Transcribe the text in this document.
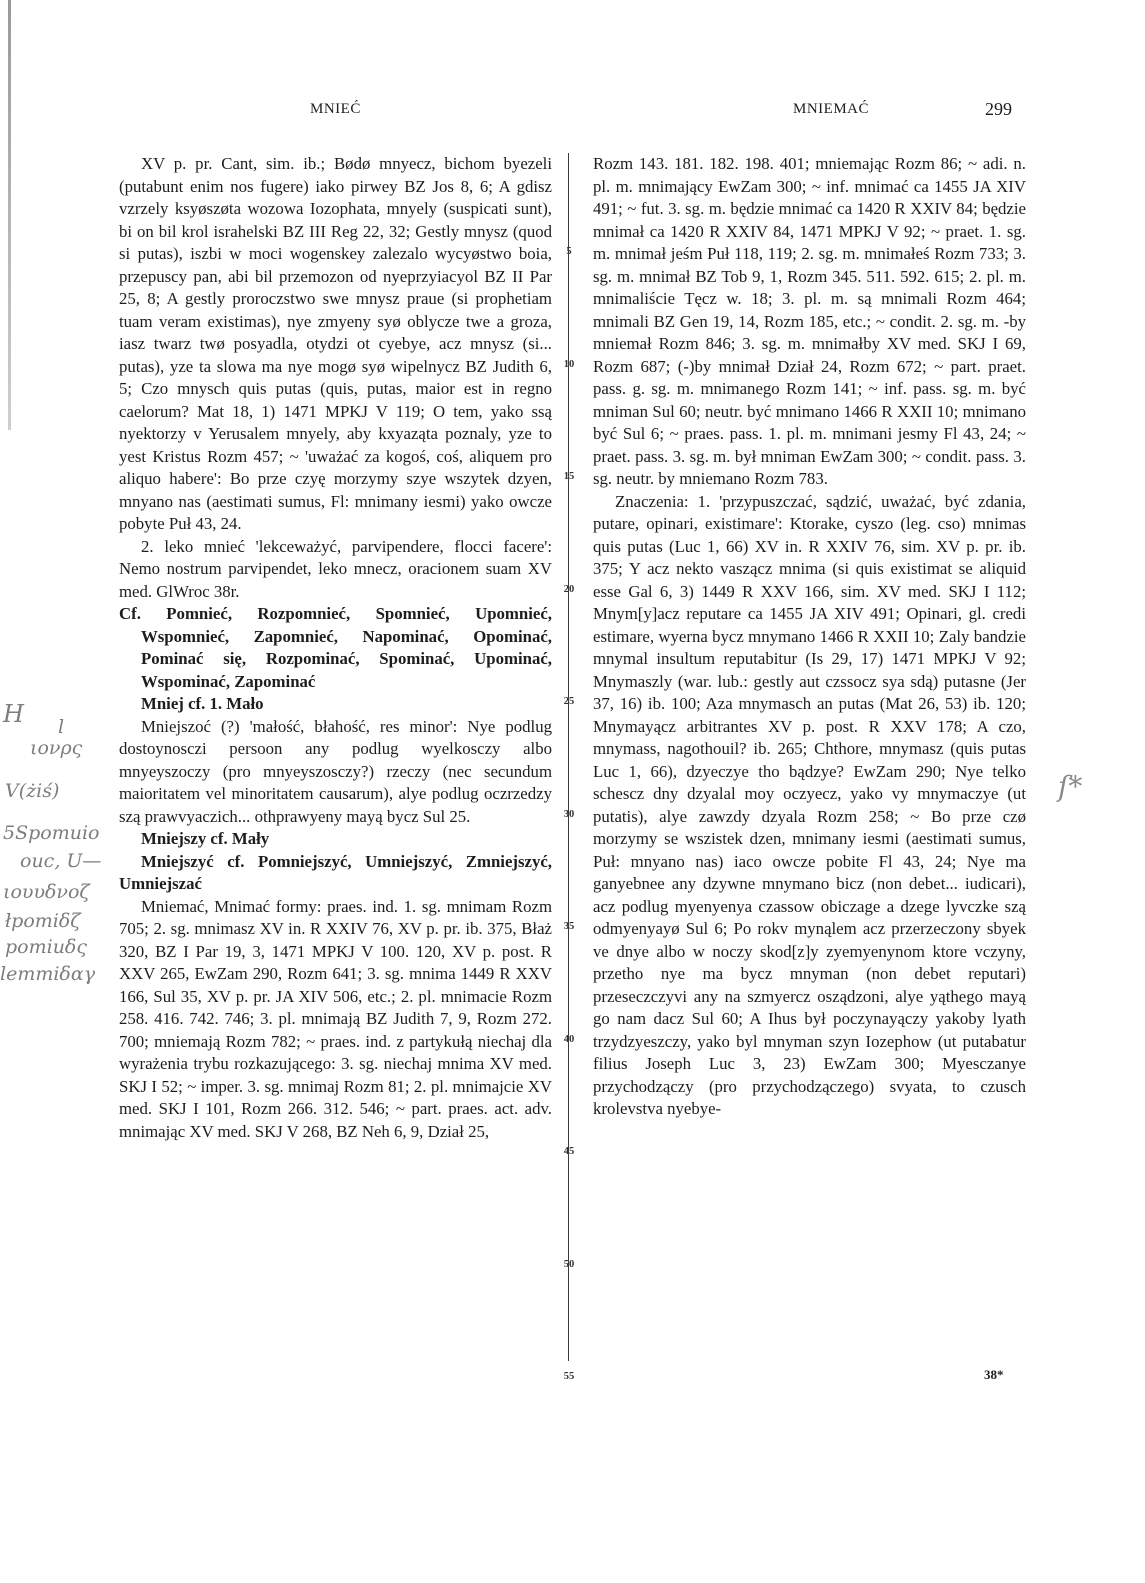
MNIEĆ	MNIEMAĆ	299

XV p. pr. Cant, sim. ib.; Bødø mnyecz, bichom byezeli (putabunt enim nos fugere) iako pirwey BZ Jos 8, 6; A gdisz vzrzely ksyøszøta wozowa Iozophata, mnyely (suspicati sunt), bi on bil krol israhelski BZ III Reg 22, 32; Gestly mnysz (quod si putas), iszbi w moci wogenskey zalezalo wycyøstwo boia, przepuscy pan, abi bil przemozon od nyeprzyiacyol BZ II Par 25, 8; A gestly proroczstwo swe mnysz praue (si prophetiam tuam veram existimas), nye zmyeny syø oblycze twe a groza, iasz twarz twø posyadla, otydzi ot cyebye, acz mnysz (si... putas), yze ta slowa ma nye mogø syø wipelnycz BZ Judith 6, 5; Czo mnysch quis putas (quis, putas, maior est in regno caelorum? Mat 18, 1) 1471 MPKJ V 119; O tem, yako ssą nyektorzy v Yerusalem mnyely, aby kxyaząta poznaly, yze to yest Kristus Rozm 457; ~ 'uważać za kogoś, coś, aliquem pro aliquo habere': Bo prze czyę morzymy szye wszytek dzyen, mnyano nas (aestimati sumus, Fl: mnimany iesmi) yako owcze pobyte Puł 43, 24.

2. leko mnieć 'lekceważyć, parvipendere, flocci facere': Nemo nostrum parvipendet, leko mnecz, oracionem suam XV med. GlWroc 38r.

Cf. Pomnieć, Rozpomnieć, Spomnieć, Upomnieć, Wspomnieć, Zapomnieć, Napominać, Opominać, Pominać się, Rozpominać, Spominać, Upominać, Wspominać, Zapominać

Mniej cf. 1. Mało

Mniejszoć (?) 'małość, błahość, res minor': Nye podlug dostoynosczi persoon any podlug wyelkosczy albo mnyeyszoczy (pro mnyeyszosczy?) rzeczy (nec secundum maioritatem vel minoritatem causarum), alye podlug oczrzedzy szą prawvyaczich... othprawyeny mayą bycz Sul 25.

Mniejszy cf. Mały

Mniejszyć cf. Pomniejszyć, Umniejszyć, Zmniejszyć, Umniejszać

Mniemać, Mnimać formy: praes. ind. 1. sg. mnimam Rozm 705; 2. sg. mnimasz XV in. R XXIV 76, XV p. pr. ib. 375, Błaż 320, BZ I Par 19, 3, 1471 MPKJ V 100. 120, XV p. post. R XXV 265, EwZam 290, Rozm 641; 3. sg. mnima 1449 R XXV 166, Sul 35, XV p. pr. JA XIV 506, etc.; 2. pl. mnimacie Rozm 258. 416. 742. 746; 3. pl. mnimają BZ Judith 7, 9, Rozm 272. 700; mniemają Rozm 782; ~ praes. ind. z partykułą niechaj dla wyrażenia trybu rozkazującego: 3. sg. niechaj mnima XV med. SKJ I 52; ~ imper. 3. sg. mnimaj Rozm 81; 2. pl. mnimajcie XV med. SKJ I 101, Rozm 266. 312. 546; ~ part. praes. act. adv. mnimając XV med. SKJ V 268, BZ Neh 6, 9, Dział 25,

5
10
15
20
25
30
35
40
45
50
55

Rozm 143. 181. 182. 198. 401; mniemając Rozm 86; ~ adi. n. pl. m. mnimający EwZam 300; ~ inf. mnimać ca 1455 JA XIV 491; ~ fut. 3. sg. m. będzie mnimać ca 1420 R XXIV 84; będzie mnimał ca 1420 R XXIV 84, 1471 MPKJ V 92; ~ praet. 1. sg. m. mnimał jeśm Puł 118, 119; 2. sg. m. mnimałeś Rozm 733; 3. sg. m. mnimał BZ Tob 9, 1, Rozm 345. 511. 592. 615; 2. pl. m. mnimaliście Tęcz w. 18; 3. pl. m. są mnimali Rozm 464; mnimali BZ Gen 19, 14, Rozm 185, etc.; ~ condit. 2. sg. m. -by mniemał Rozm 846; 3. sg. m. mnimałby XV med. SKJ I 69, Rozm 687; (-)by mnimał Dział 24, Rozm 672; ~ part. praet. pass. g. sg. m. mnimanego Rozm 141; ~ inf. pass. sg. m. być mniman Sul 60; neutr. być mnimano 1466 R XXII 10; mnimano być Sul 6; ~ praes. pass. 1. pl. m. mnimani jesmy Fl 43, 24; ~ praet. pass. 3. sg. m. był mniman EwZam 300; ~ condit. pass. 3. sg. neutr. by mniemano Rozm 783.

Znaczenia: 1. 'przypuszczać, sądzić, uważać, być zdania, putare, opinari, existimare': Ktorake, cyszo (leg. cso) mnimas quis putas (Luc 1, 66) XV in. R XXIV 76, sim. XV p. pr. ib. 375; Y acz nekto vaszącz mnima (si quis existimat se aliquid esse Gal 6, 3) 1449 R XXV 166, sim. XV med. SKJ I 112; Mnym[y]acz reputare ca 1455 JA XIV 491; Opinari, gl. credi estimare, wyerna bycz mnymano 1466 R XXII 10; Zaly bandzie mnymal insultum reputabitur (Is 29, 17) 1471 MPKJ V 92; Mnymaszly (war. lub.: gestly aut czssocz sya sdą) putasne (Jer 37, 16) ib. 100; Aza mnymasch an putas (Mat 26, 53) ib. 120; Mnymayącz arbitrantes XV p. post. R XXV 178; A czo, mnymass, nagothouil? ib. 265; Chthore, mnymasz (quis putas Luc 1, 66), dzyeczye tho bądzye? EwZam 290; Nye telko schescz dny dzyalal moy oczyecz, yako vy mnymaczye (ut putatis), alye zawzdy dzyala Rozm 258; ~ Bo prze czø morzymy se wszistek dzen, mnimany iesmi (aestimati sumus, Puł: mnyano nas) iaco owcze pobite Fl 43, 24; Nye ma ganyebnee any dzywne mnymano bicz (non debet... iudicari), acz podlug myenyenya czassow obiczage a dzege lyvczke szą odmyenyayø Sul 6; Po rokv mynąlem acz przerzeczony sbyek ve dnye albo w noczy skod[z]y zyemyenynom ktore vczyny, przetho nye ma bycz mnyman (non debet reputari) przeseczczyvi any na szmyercz osządzoni, alye yąthego mayą go nam dacz Sul 60; A Ihus był poczynayączy yakoby lyath trzydzyeszczy, yako byl mnyman szyn Iozephow (ut putabatur filius Joseph Luc 3, 23) EwZam 300; Myesczanye przychodzączy (pro przychodzączego) svyata, to czusch krolevstva nyebye-

38*
H l
ιονρς
V(żiś)
5Spomuio
ouc, U—
ιουυδνοζ
łpomiδζ
pomiuδς
lemmiδαγ
ſ*
